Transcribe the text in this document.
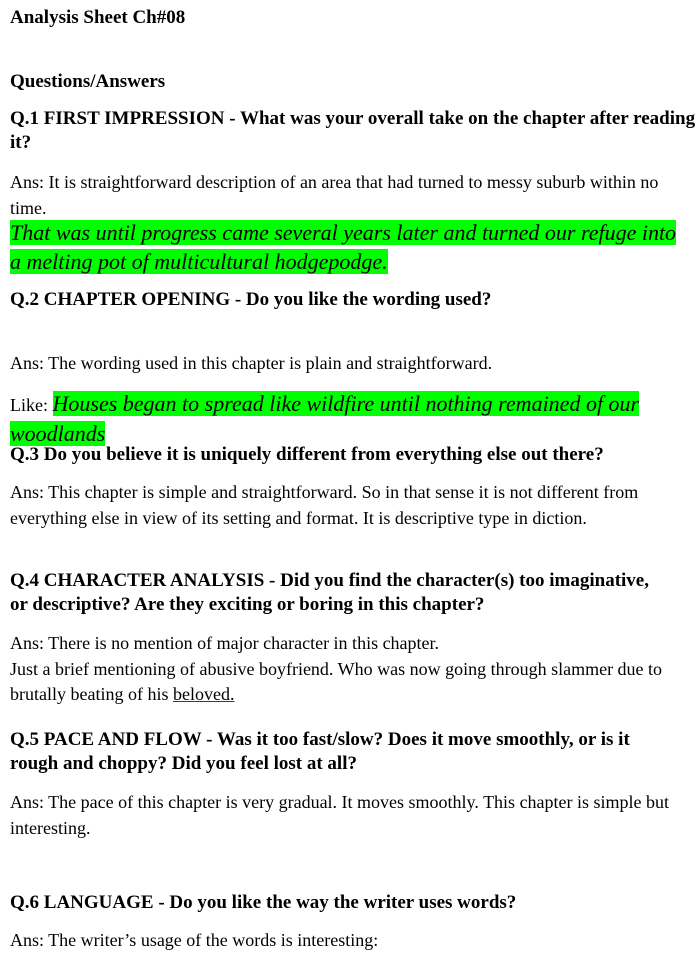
Analysis Sheet Ch#08

Questions/Answers

Q.1 FIRST IMPRESSION - What was your overall take on the chapter after reading it?

Ans: It is straightforward description of an area that had turned to messy suburb within no time.

That was until progress came several years later and turned our refuge into a melting pot of multicultural hodgepodge.

Q.2 CHAPTER OPENING - Do you like the wording used?

Ans: The wording used in this chapter is plain and straightforward.

Like: Houses began to spread like wildfire until nothing remained of our woodlands

Q.3 Do you believe it is uniquely different from everything else out there?

Ans: This chapter is simple and straightforward. So in that sense it is not different from everything else in view of its setting and format. It is descriptive type in diction.

Q.4 CHARACTER ANALYSIS - Did you find the character(s) too imaginative, or descriptive? Are they exciting or boring in this chapter?

Ans: There is no mention of major character in this chapter.
Just a brief mentioning of abusive boyfriend. Who was now going through slammer due to brutally beating of his beloved.

Q.5 PACE AND FLOW - Was it too fast/slow? Does it move smoothly, or is it rough and choppy? Did you feel lost at all?

Ans: The pace of this chapter is very gradual. It moves smoothly. This chapter is simple but interesting.

Q.6 LANGUAGE - Do you like the way the writer uses words?

Ans: The writer’s usage of the words is interesting:
